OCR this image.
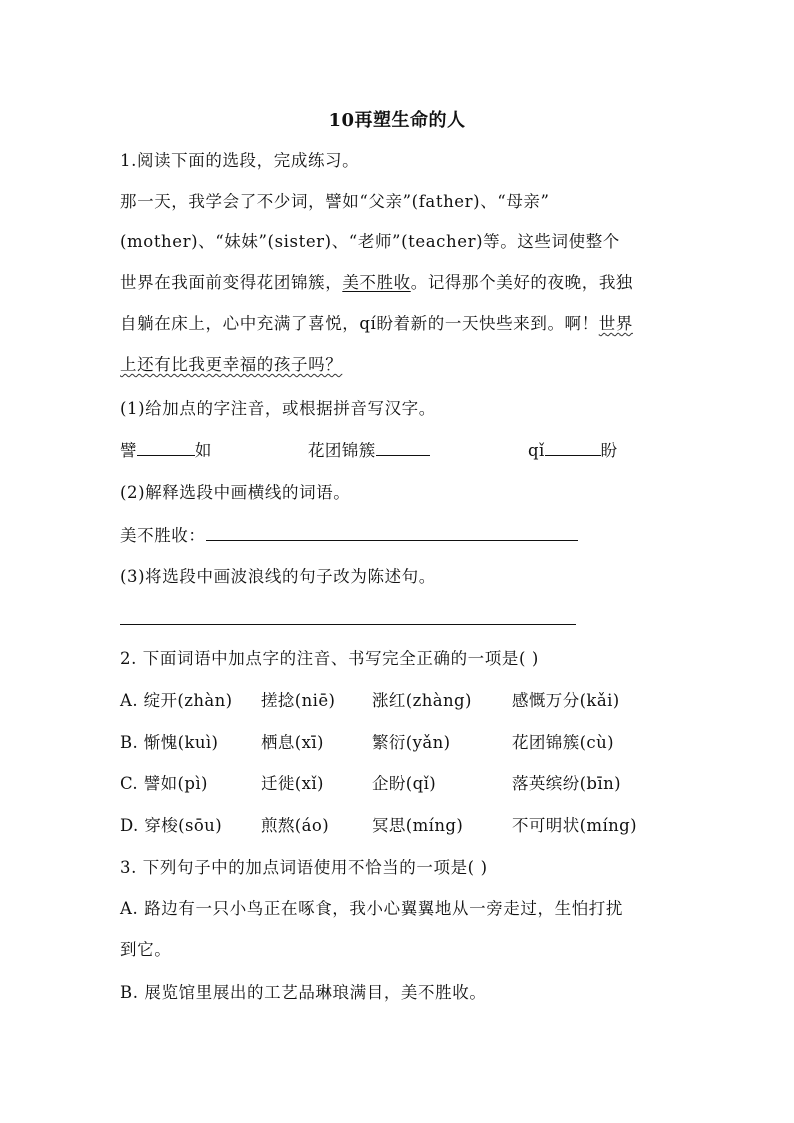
10再塑生命的人
1.阅读下面的选段，完成练习。
那一天，我学会了不少词，譬如“父亲”(father)、“母亲”
(mother)、“妹妹”(sister)、“老师”(teacher)等。这些词使整个
世界在我面前变得花团锦簇，美不胜收。记得那个美好的夜晚，我独
自躺在床上，心中充满了喜悦，qí盼着新的一天快些来到。啊！世界
上还有比我更幸福的孩子吗？
(1)给加点的字注音，或根据拼音写汉字。
譬	如	花团锦簇	qǐ	盼
(2)解释选段中画横线的词语。
美不胜收：
(3)将选段中画波浪线的句子改为陈述句。
2. 下面词语中加点字的注音、书写完全正确的一项是( )
A. 绽开(zhàn) 搓捻(niē) 涨红(zhàng) 感慨万分(kǎi)
B. 惭愧(kuì)	栖息(xī)	繁衍(yǎn)	花团锦簇(cù)
C. 譬如(pì)	迁徙(xǐ)	企盼(qǐ)	落英缤纷(bīn)
D. 穿梭(sōu) 煎熬(áo)	冥思(míng)	不可明状(míng)
3. 下列句子中的加点词语使用不恰当的一项是( )
A. 路边有一只小鸟正在啄食，我小心翼翼地从一旁走过，生怕打扰
到它。
B. 展览馆里展出的工艺品琳琅满目，美不胜收。
